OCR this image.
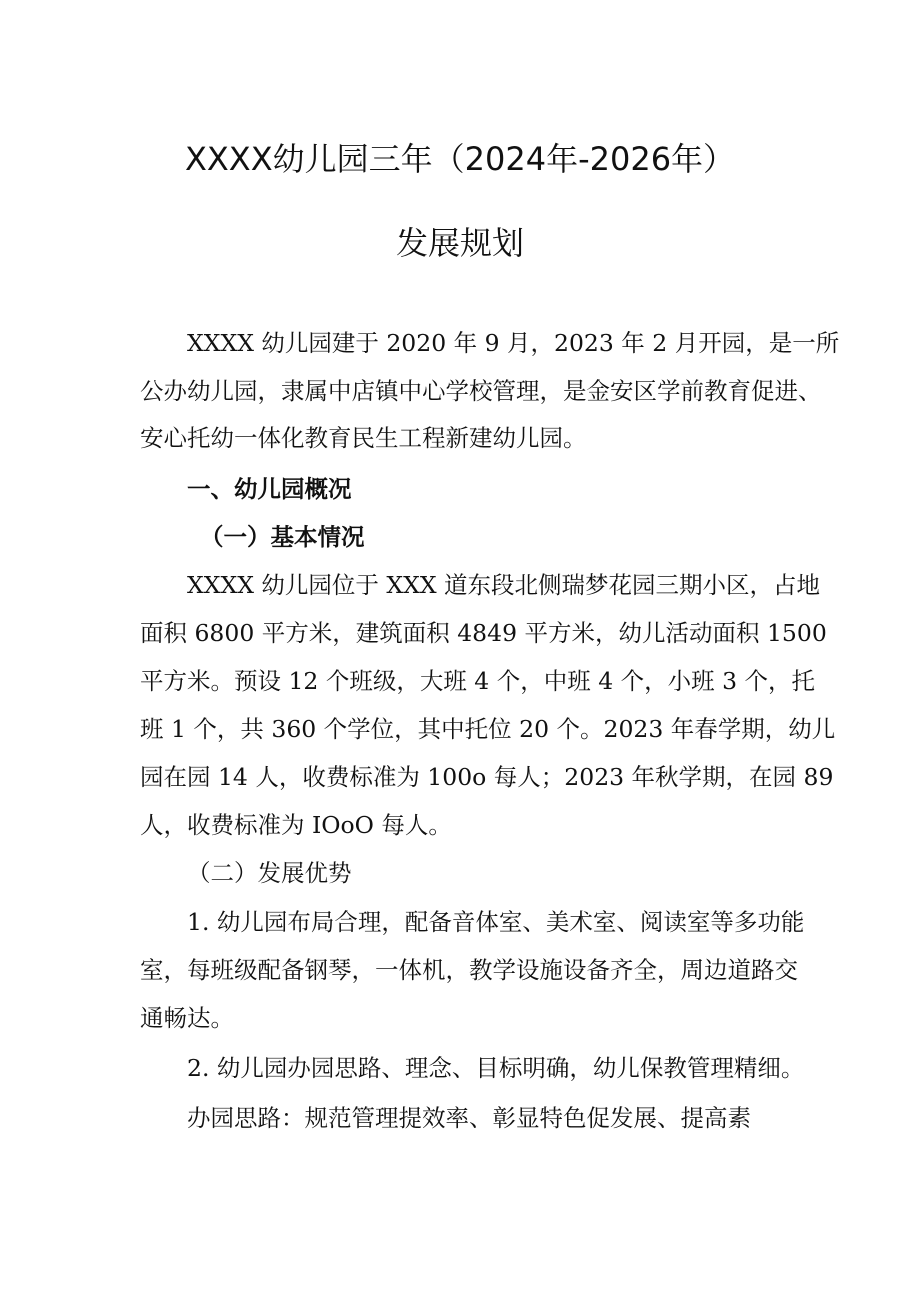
XXXX幼儿园三年（2024年-2026年）
发展规划
XXXX 幼儿园建于 2020 年 9 月，2023 年 2 月开园，是一所
公办幼儿园，隶属中店镇中心学校管理，是金安区学前教育促进、
安心托幼一体化教育民生工程新建幼儿园。
一、幼儿园概况
（一）基本情况
XXXX 幼儿园位于 XXX 道东段北侧瑞梦花园三期小区，占地
面积 6800 平方米，建筑面积 4849 平方米，幼儿活动面积 1500
平方米。预设 12 个班级，大班 4 个，中班 4 个，小班 3 个，托
班 1 个，共 360 个学位，其中托位 20 个。2023 年春学期，幼儿
园在园 14 人，收费标准为 100o 每人；2023 年秋学期，在园 89
人，收费标准为 IOoO 每人。
（二）发展优势
1. 幼儿园布局合理，配备音体室、美术室、阅读室等多功能
室，每班级配备钢琴，一体机，教学设施设备齐全，周边道路交
通畅达。
2. 幼儿园办园思路、理念、目标明确，幼儿保教管理精细。
办园思路：规范管理提效率、彰显特色促发展、提高素
